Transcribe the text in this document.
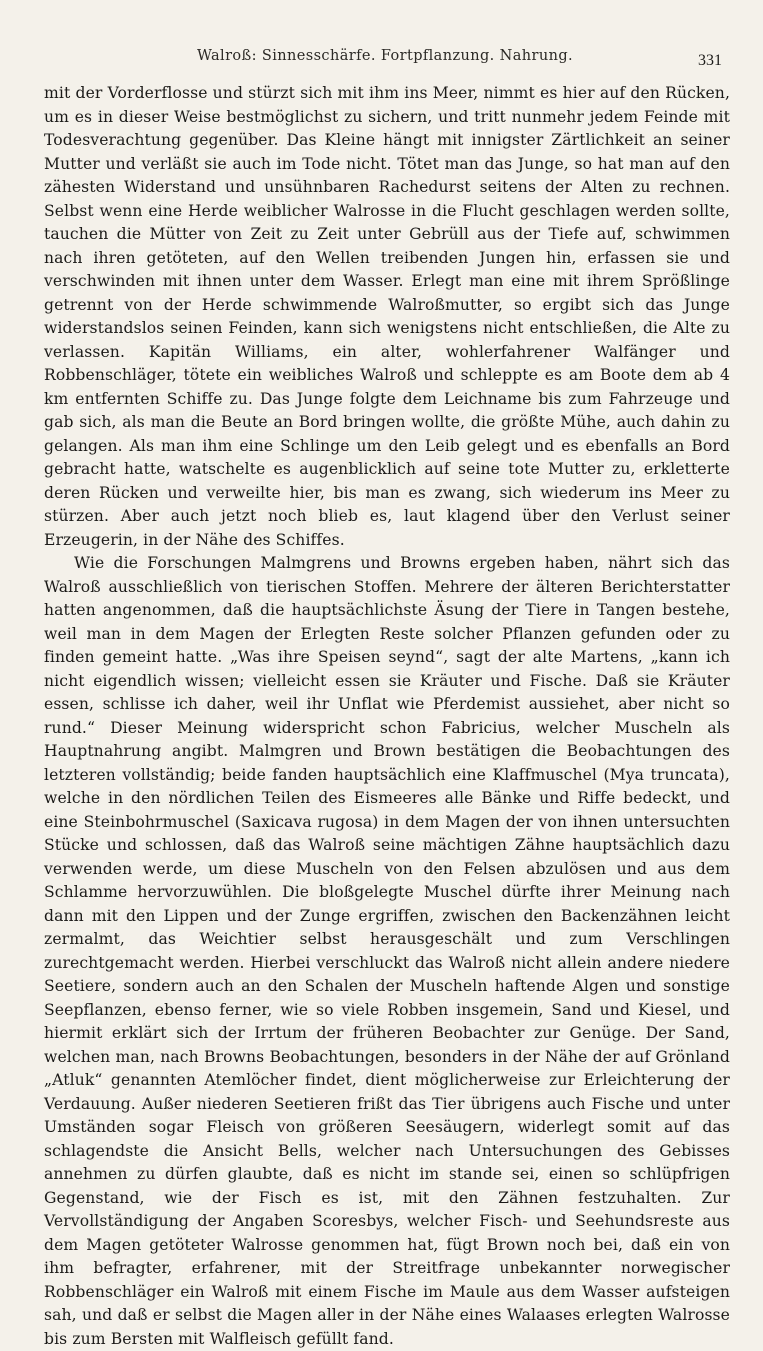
Walroß: Sinnesschärfe. Fortpflanzung. Nahrung.	331

mit der Vorderflosse und stürzt sich mit ihm ins Meer, nimmt es hier auf den Rücken, um es in dieser Weise bestmöglichst zu sichern, und tritt nunmehr jedem Feinde mit Todesverachtung gegenüber. Das Kleine hängt mit innigster Zärtlichkeit an seiner Mutter und verläßt sie auch im Tode nicht. Tötet man das Junge, so hat man auf den zähesten Widerstand und unsühnbaren Rachedurst seitens der Alten zu rechnen. Selbst wenn eine Herde weiblicher Walrosse in die Flucht geschlagen werden sollte, tauchen die Mütter von Zeit zu Zeit unter Gebrüll aus der Tiefe auf, schwimmen nach ihren getöteten, auf den Wellen treibenden Jungen hin, erfassen sie und verschwinden mit ihnen unter dem Wasser. Erlegt man eine mit ihrem Sprößlinge getrennt von der Herde schwimmende Walroßmutter, so ergibt sich das Junge widerstandslos seinen Feinden, kann sich wenigstens nicht entschließen, die Alte zu verlassen. Kapitän Williams, ein alter, wohlerfahrener Walfänger und Robbenschläger, tötete ein weibliches Walroß und schleppte es am Boote dem ab 4 km entfernten Schiffe zu. Das Junge folgte dem Leichname bis zum Fahrzeuge und gab sich, als man die Beute an Bord bringen wollte, die größte Mühe, auch dahin zu gelangen. Als man ihm eine Schlinge um den Leib gelegt und es ebenfalls an Bord gebracht hatte, watschelte es augenblicklich auf seine tote Mutter zu, erkletterte deren Rücken und verweilte hier, bis man es zwang, sich wiederum ins Meer zu stürzen. Aber auch jetzt noch blieb es, laut klagend über den Verlust seiner Erzeugerin, in der Nähe des Schiffes.

Wie die Forschungen Malmgrens und Browns ergeben haben, nährt sich das Walroß ausschließlich von tierischen Stoffen. Mehrere der älteren Berichterstatter hatten angenommen, daß die hauptsächlichste Äsung der Tiere in Tangen bestehe, weil man in dem Magen der Erlegten Reste solcher Pflanzen gefunden oder zu finden gemeint hatte. „Was ihre Speisen seynd“, sagt der alte Martens, „kann ich nicht eigendlich wissen; vielleicht essen sie Kräuter und Fische. Daß sie Kräuter essen, schlisse ich daher, weil ihr Unflat wie Pferdemist aussiehet, aber nicht so rund.“ Dieser Meinung widerspricht schon Fabricius, welcher Muscheln als Hauptnahrung angibt. Malmgren und Brown bestätigen die Beobachtungen des letzteren vollständig; beide fanden hauptsächlich eine Klaffmuschel (Mya truncata), welche in den nördlichen Teilen des Eismeeres alle Bänke und Riffe bedeckt, und eine Steinbohrmuschel (Saxicava rugosa) in dem Magen der von ihnen untersuchten Stücke und schlossen, daß das Walroß seine mächtigen Zähne hauptsächlich dazu verwenden werde, um diese Muscheln von den Felsen abzulösen und aus dem Schlamme hervorzuwühlen. Die bloßgelegte Muschel dürfte ihrer Meinung nach dann mit den Lippen und der Zunge ergriffen, zwischen den Backenzähnen leicht zermalmt, das Weichtier selbst herausgeschält und zum Verschlingen zurechtgemacht werden. Hierbei verschluckt das Walroß nicht allein andere niedere Seetiere, sondern auch an den Schalen der Muscheln haftende Algen und sonstige Seepflanzen, ebenso ferner, wie so viele Robben insgemein, Sand und Kiesel, und hiermit erklärt sich der Irrtum der früheren Beobachter zur Genüge. Der Sand, welchen man, nach Browns Beobachtungen, besonders in der Nähe der auf Grönland „Atluk“ genannten Atemlöcher findet, dient möglicherweise zur Erleichterung der Verdauung. Außer niederen Seetieren frißt das Tier übrigens auch Fische und unter Umständen sogar Fleisch von größeren Seesäugern, widerlegt somit auf das schlagendste die Ansicht Bells, welcher nach Untersuchungen des Gebisses annehmen zu dürfen glaubte, daß es nicht im stande sei, einen so schlüpfrigen Gegenstand, wie der Fisch es ist, mit den Zähnen festzuhalten. Zur Vervollständigung der Angaben Scoresbys, welcher Fisch- und Seehundsreste aus dem Magen getöteter Walrosse genommen hat, fügt Brown noch bei, daß ein von ihm befragter, erfahrener, mit der Streitfrage unbekannter norwegischer Robbenschläger ein Walroß mit einem Fische im Maule aus dem Wasser aufsteigen sah, und daß er selbst die Magen aller in der Nähe eines Walaases erlegten Walrosse bis zum Bersten mit Walfleisch gefüllt fand.
